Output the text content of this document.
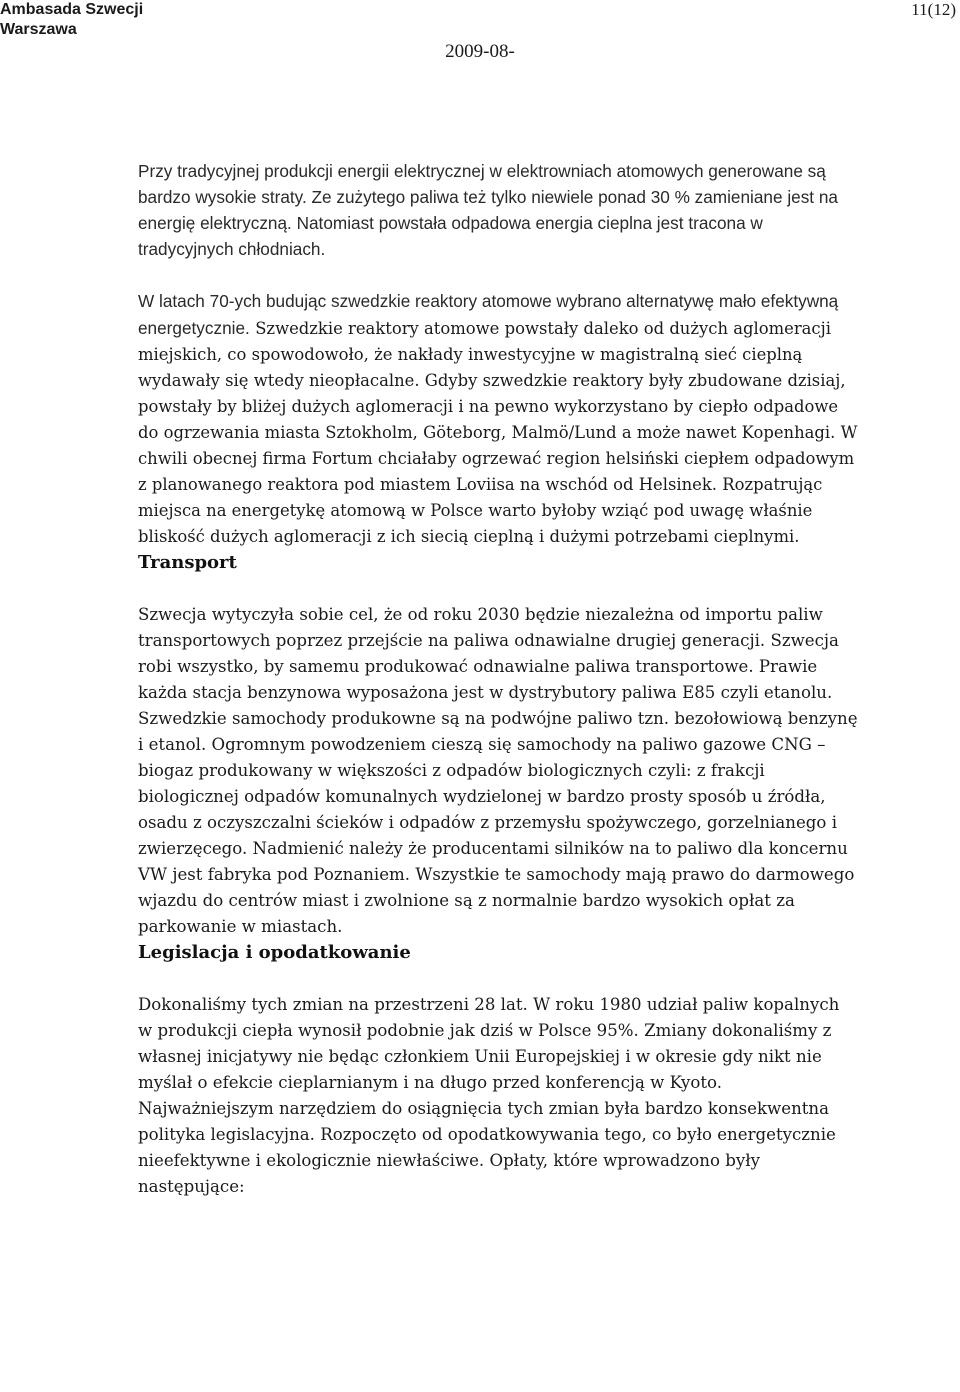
Ambasada Szwecji
Warszawa
11(12)
2009-08-

Przy tradycyjnej produkcji energii elektrycznej w elektrowniach atomowych generowane są bardzo wysokie straty. Ze zużytego paliwa też tylko niewiele ponad 30 % zamieniane jest na energię elektryczną. Natomiast powstała odpadowa energia cieplna jest tracona w tradycyjnych chłodniach.

W latach 70-ych budując szwedzkie reaktory atomowe wybrano alternatywę mało efektywną energetycznie. Szwedzkie reaktory atomowe powstały daleko od dużych aglomeracji miejskich, co spowodowoło, że nakłady inwestycyjne w magistralną sieć cieplną wydawały się wtedy nieopłacalne. Gdyby szwedzkie reaktory były zbudowane dzisiaj, powstały by bliżej dużych aglomeracji i na pewno wykorzystano by ciepło odpadowe do ogrzewania miasta Sztokholm, Göteborg, Malmö/Lund a może nawet Kopenhagi. W chwili obecnej firma Fortum chciałaby ogrzewać region helsiński ciepłem odpadowym z planowanego reaktora pod miastem Loviisa na wschód od Helsinek. Rozpatrując miejsca na energetykę atomową w Polsce warto byłoby wziąć pod uwagę właśnie bliskość dużych aglomeracji z ich siecią cieplną i dużymi potrzebami cieplnymi.

Transport

Szwecja wytyczyła sobie cel, że od roku 2030 będzie niezależna od importu paliw transportowych poprzez przejście na paliwa odnawialne drugiej generacji. Szwecja robi wszystko, by samemu produkować odnawialne paliwa transportowe. Prawie każda stacja benzynowa wyposażona jest w dystrybutory paliwa E85 czyli etanolu. Szwedzkie samochody produkowne są na podwójne paliwo tzn. bezołowiową benzynę i etanol. Ogromnym powodzeniem cieszą się samochody na paliwo gazowe CNG – biogaz produkowany w większości z odpadów biologicznych czyli: z frakcji biologicznej odpadów komunalnych wydzielonej w bardzo prosty sposób u źródła, osadu z oczyszczalni ścieków i odpadów z przemysłu spożywczego, gorzelnianego i zwierzęcego. Nadmienić należy że producentami silników na to paliwo dla koncernu VW jest fabryka pod Poznaniem. Wszystkie te samochody mają prawo do darmowego wjazdu do centrów miast i zwolnione są z normalnie bardzo wysokich opłat za parkowanie w miastach.

Legislacja i opodatkowanie

Dokonaliśmy tych zmian na przestrzeni 28 lat. W roku 1980 udział paliw kopalnych w produkcji ciepła wynosił podobnie jak dziś w Polsce 95%. Zmiany dokonaliśmy z własnej inicjatywy nie będąc członkiem Unii Europejskiej i w okresie gdy nikt nie myślał o efekcie cieplarnianym i na długo przed konferencją w Kyoto. Najważniejszym narzędziem do osiągnięcia tych zmian była bardzo konsekwentna polityka legislacyjna. Rozpoczęto od opodatkowywania tego, co było energetycznie nieefektywne i ekologicznie niewłaściwe. Opłaty, które wprowadzono były następujące:
